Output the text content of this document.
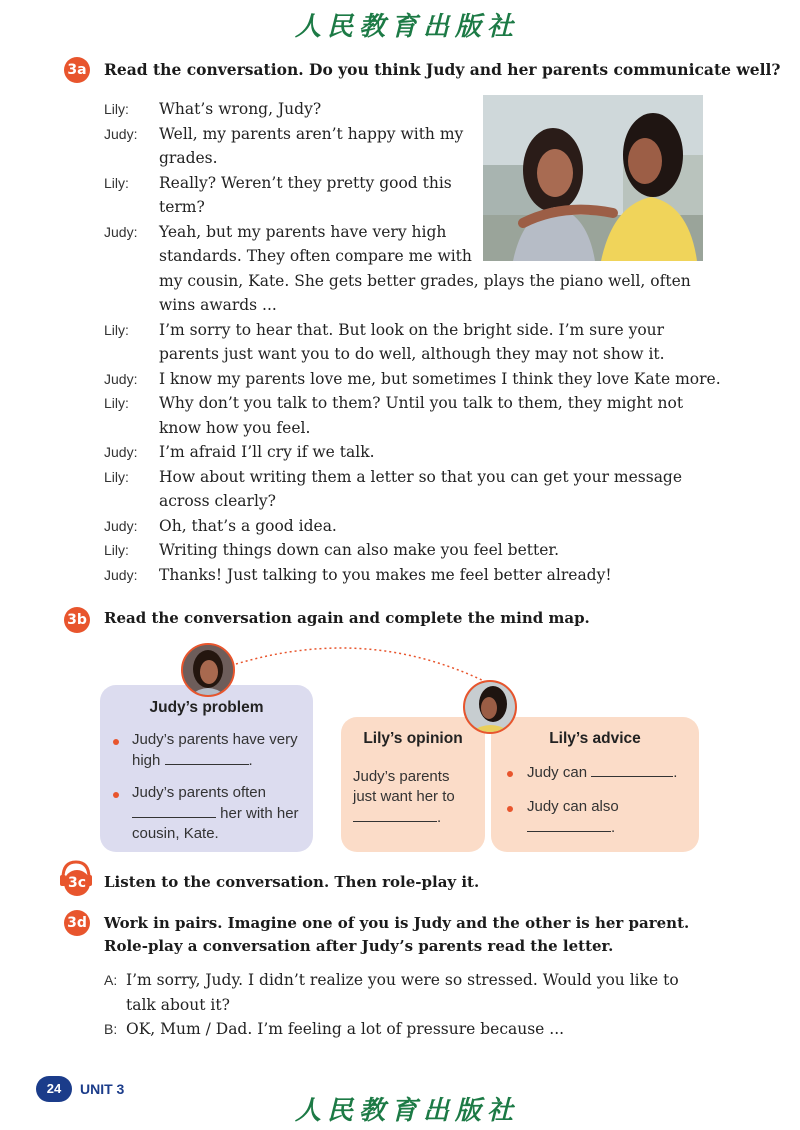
人民教育出版社
3a Read the conversation. Do you think Judy and her parents communicate well?
Lily:	What’s wrong, Judy?
Judy:	Well, my parents aren’t happy with my
grades.
Lily:	Really? Weren’t they pretty good this
term?
Judy:	Yeah, but my parents have very high
standards. They often compare me with
my cousin, Kate. She gets better grades, plays the piano well, often
wins awards ...
Lily:	I’m sorry to hear that. But look on the bright side. I’m sure your
parents just want you to do well, although they may not show it.
Judy:	I know my parents love me, but sometimes I think they love Kate more.
Lily:	Why don’t you talk to them? Until you talk to them, they might not
know how you feel.
Judy:	I’m afraid I’ll cry if we talk.
Lily:	How about writing them a letter so that you can get your message
across clearly?
Judy:	Oh, that’s a good idea.
Lily:	Writing things down can also make you feel better.
Judy:	Thanks! Just talking to you makes me feel better already!
3b Read the conversation again and complete the mind map.
Judy’s problem
Judy’s parents have very
high	.
Judy’s parents often
her with her
cousin, Kate.
Lily’s opinion
Judy’s parents
just want her to
.
Lily’s advice
Judy can	.
Judy can also
.
3c Listen to the conversation. Then role-play it.
3d Work in pairs. Imagine one of you is Judy and the other is her parent.
Role-play a conversation after Judy’s parents read the letter.
A: I’m sorry, Judy. I didn’t realize you were so stressed. Would you like to
talk about it?
B: OK, Mum / Dad. I’m feeling a lot of pressure because ...
24	UNIT 3
人民教育出版社
